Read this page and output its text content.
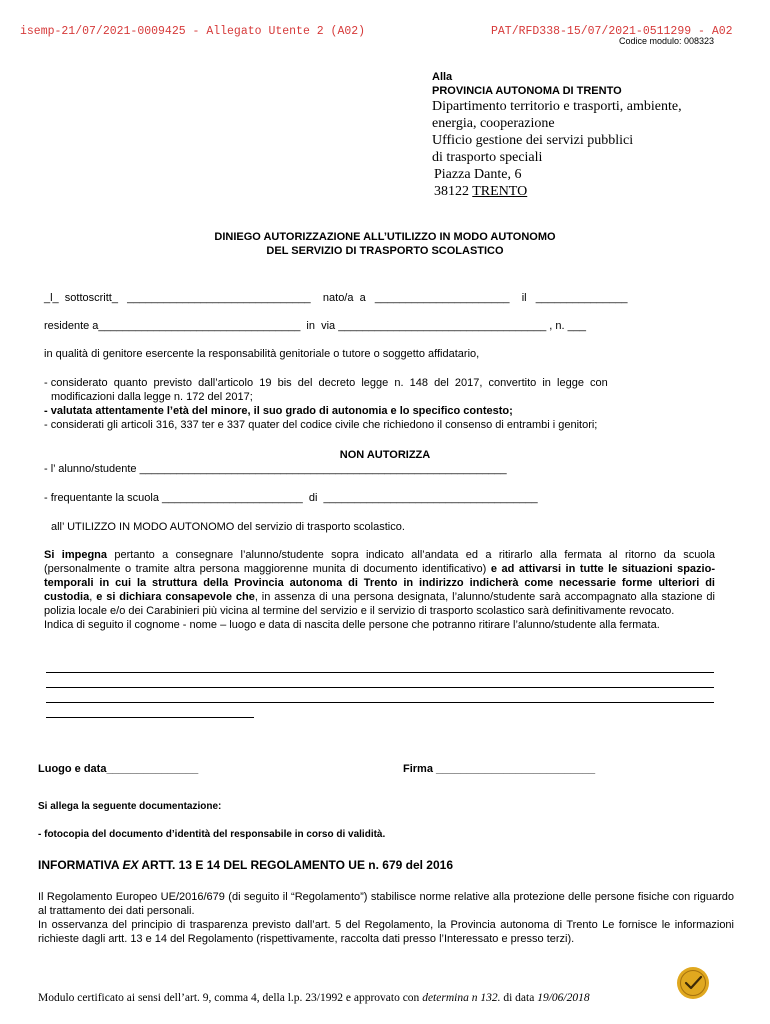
isemp-21/07/2021-0009425 - Allegato Utente 2 (A02)	PAT/RFD338-15/07/2021-0511299 - A02
Codice modulo: 008323
Alla
PROVINCIA AUTONOMA DI TRENTO
Dipartimento territorio e trasporti, ambiente,
energia, cooperazione
Ufficio gestione dei servizi pubblici
di trasporto speciali
Piazza Dante, 6
38122 TRENTO
DINIEGO AUTORIZZAZIONE ALL’UTILIZZO IN MODO AUTONOMO
DEL SERVIZIO DI TRASPORTO SCOLASTICO
_l_  sottoscritt_   ______________________________    nato/a  a   ______________________    il   _______________
residente a_________________________________  in  via __________________________________ , n. ___
in qualità di genitore esercente la responsabilità genitoriale o tutore o soggetto affidatario,
- considerato  quanto  previsto  dall’articolo  19  bis  del  decreto  legge  n.  148  del  2017,  convertito  in  legge  con
modificazioni dalla legge n. 172 del 2017;
- valutata attentamente l’età del minore, il suo grado di autonomia e lo specifico contesto;
- considerati gli articoli 316, 337 ter e 337 quater del codice civile che richiedono il consenso di entrambi i genitori;
NON AUTORIZZA
- l’ alunno/studente ____________________________________________________________
- frequentante la scuola _______________________  di  ___________________________________
all’ UTILIZZO IN MODO AUTONOMO del servizio di trasporto scolastico.
Si impegna pertanto a consegnare l’alunno/studente sopra indicato all’andata ed a ritirarlo alla fermata al ritorno da scuola (personalmente o tramite altra persona maggiorenne munita di documento identificativo) e ad attivarsi in tutte le situazioni spazio-temporali in cui la struttura della Provincia autonoma di Trento in indirizzo indicherà come necessarie forme ulteriori di custodia, e si dichiara consapevole che, in assenza di una persona designata, l’alunno/studente sarà accompagnato alla stazione di polizia locale e/o dei Carabinieri più vicina al termine del servizio e il servizio di trasporto scolastico sarà definitivamente revocato.
Indica di seguito il cognome - nome – luogo e data di nascita delle persone che potranno ritirare l’alunno/studente alla fermata.
Luogo e data_______________	Firma __________________________
Si allega la seguente documentazione:
- fotocopia del documento d’identità del responsabile in corso di validità.
INFORMATIVA EX ARTT. 13 E 14 DEL REGOLAMENTO UE n. 679 del 2016
Il Regolamento Europeo UE/2016/679 (di seguito il “Regolamento”) stabilisce norme relative alla protezione delle persone fisiche con riguardo al trattamento dei dati personali.
In osservanza del principio di trasparenza previsto dall’art. 5 del Regolamento, la Provincia autonoma di Trento Le fornisce le informazioni richieste dagli artt. 13 e 14 del Regolamento (rispettivamente, raccolta dati presso l’Interessato e presso terzi).
Modulo certificato ai sensi dell’art. 9, comma 4, della l.p. 23/1992 e approvato con determina n 132. di data 19/06/2018
